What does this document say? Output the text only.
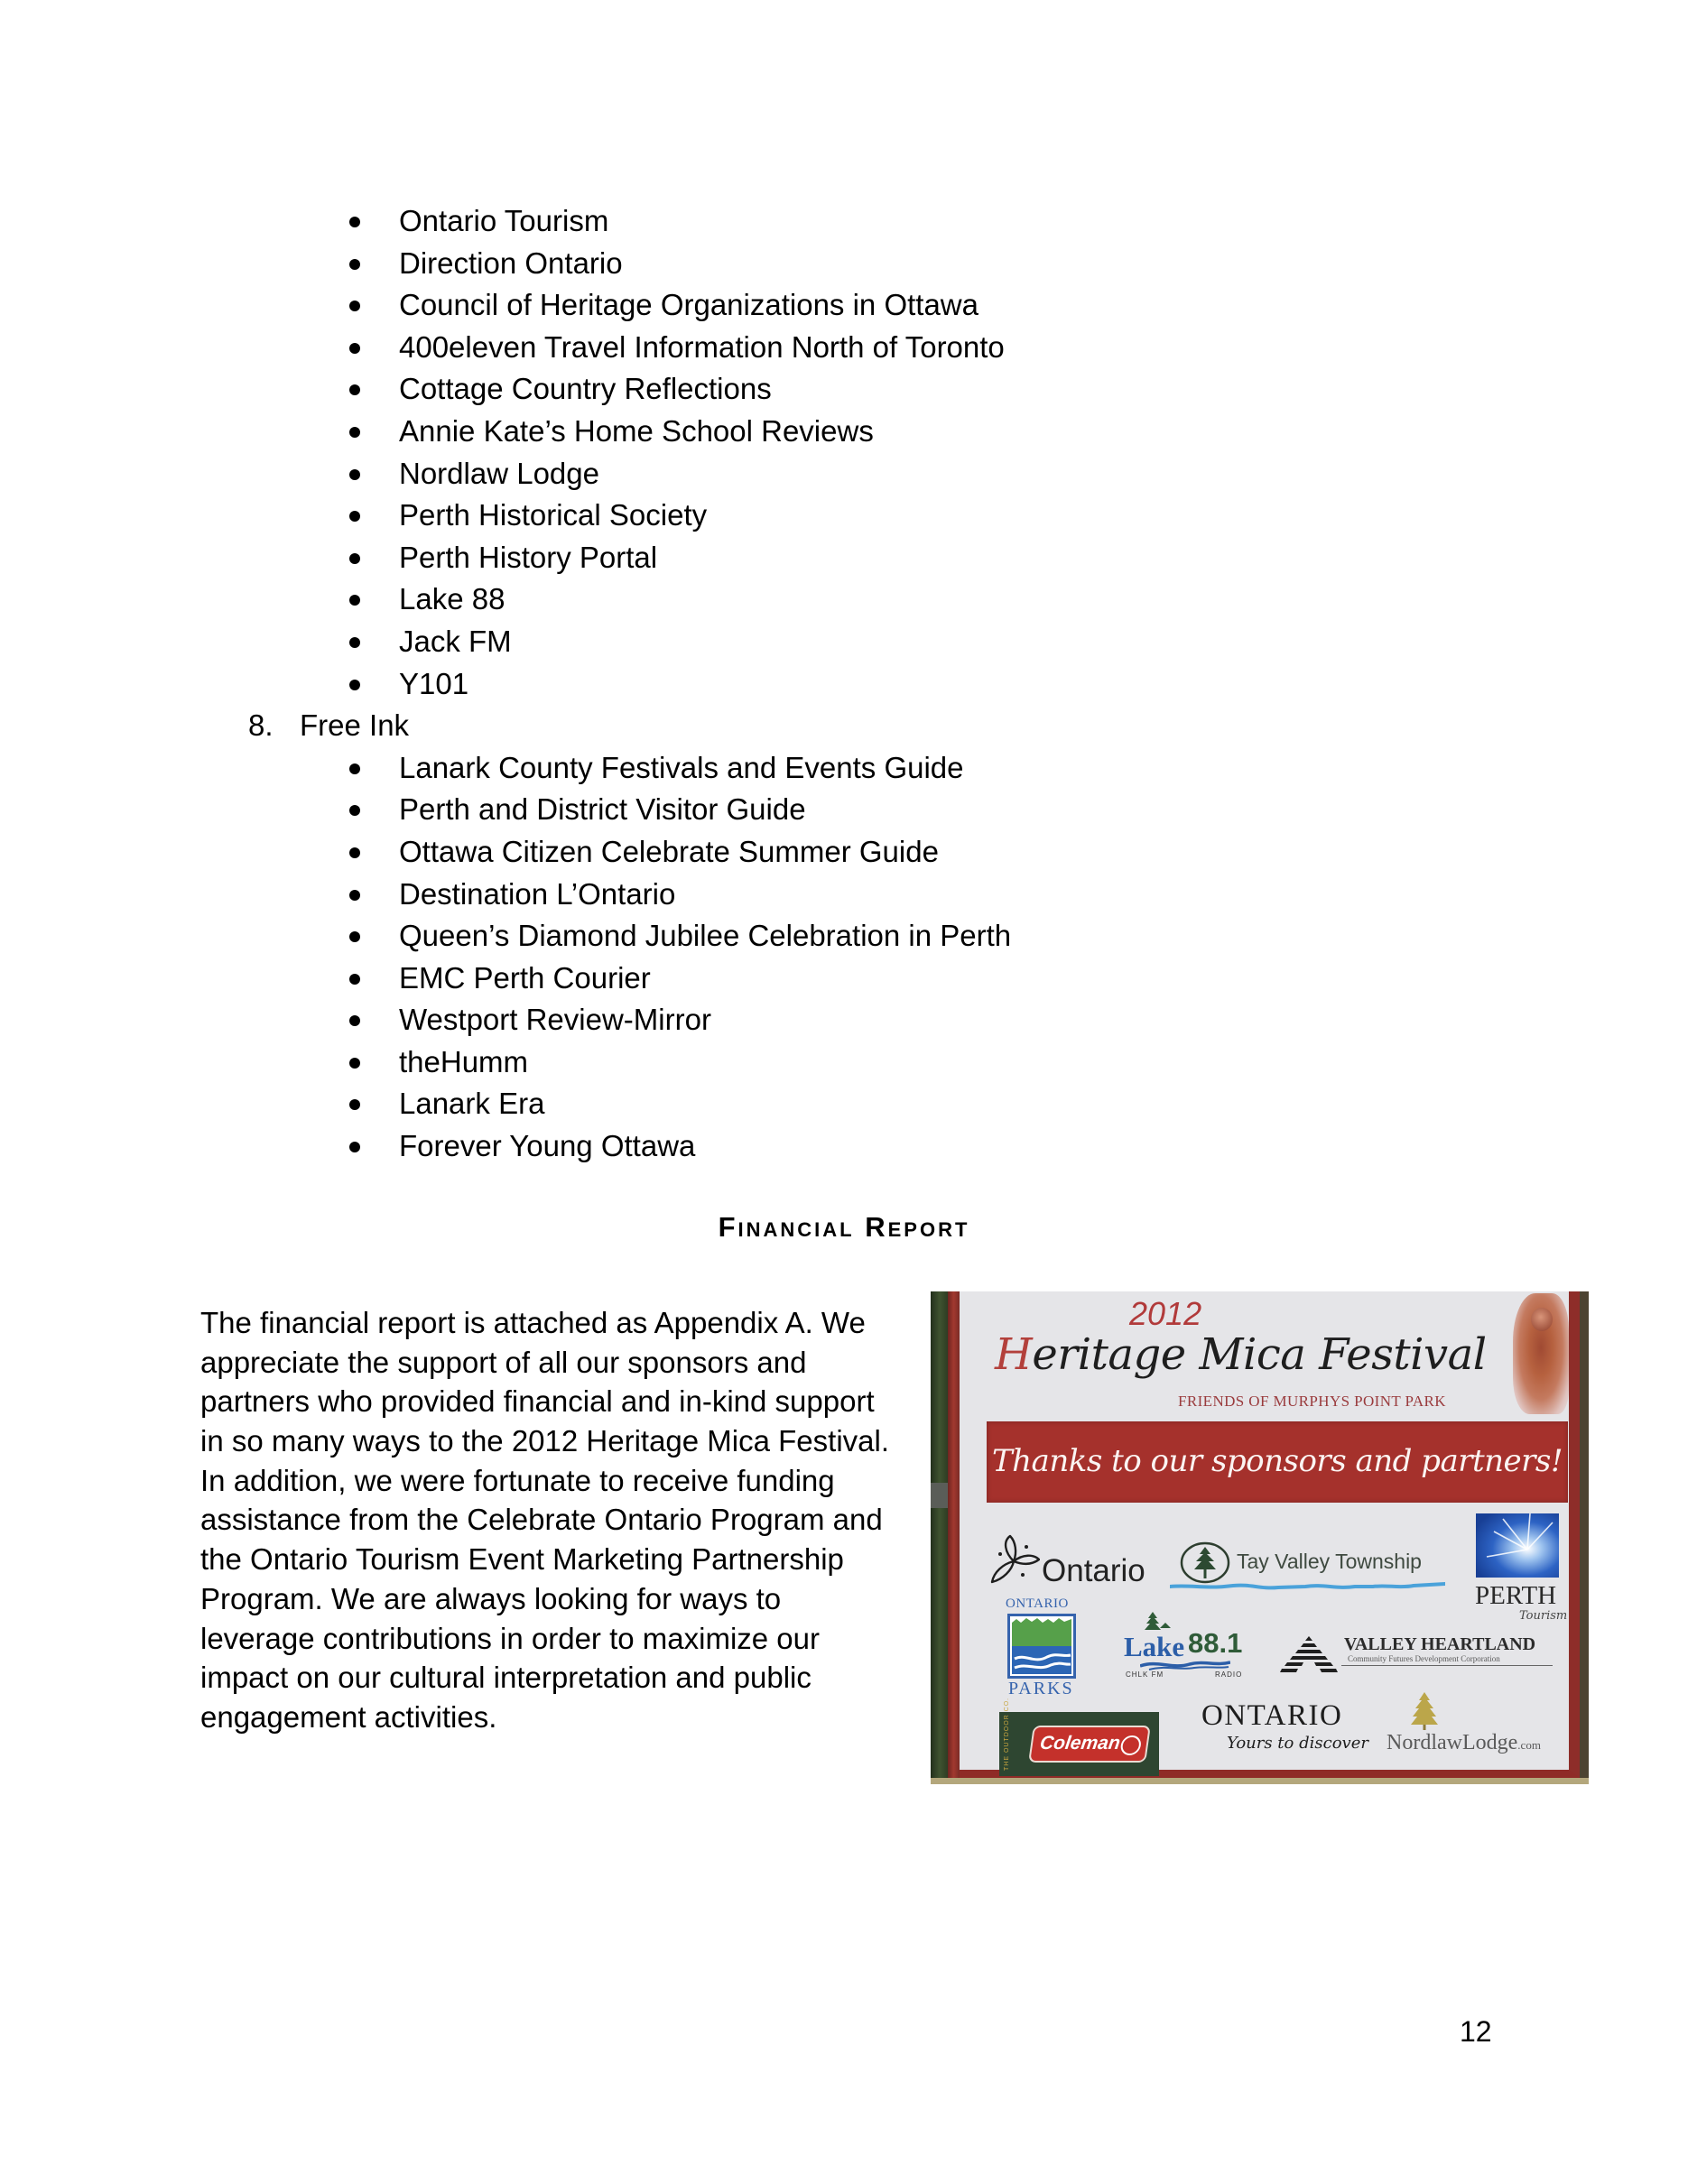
Ontario Tourism
Direction Ontario
Council of Heritage Organizations in Ottawa
400eleven Travel Information North of Toronto
Cottage Country Reflections
Annie Kate’s Home School Reviews
Nordlaw Lodge
Perth Historical Society
Perth History Portal
Lake 88
Jack FM
Y101
8. Free Ink
Lanark County Festivals and Events Guide
Perth and District Visitor Guide
Ottawa Citizen Celebrate Summer Guide
Destination L’Ontario
Queen’s Diamond Jubilee Celebration in Perth
EMC Perth Courier
Westport Review-Mirror
theHumm
Lanark Era
Forever Young Ottawa
Financial Report
The financial report is attached as Appendix A. We
appreciate the support of all our sponsors and
partners who provided financial and in-kind support
in so many ways to the 2012 Heritage Mica Festival.
In addition, we were fortunate to receive funding
assistance from the Celebrate Ontario Program and
the Ontario Tourism Event Marketing Partnership
Program. We are always looking for ways to
leverage contributions in order to maximize our
impact on our cultural interpretation and public
engagement activities.
2012
Heritage Mica Festival
FRIENDS OF MURPHYS POINT PARK
Thanks to our sponsors and partners!
Ontario	Tay Valley Township
PERTH
Tourism
ONTARIO
PARKS
Lake 88.1
CHLK FM	RADIO
VALLEY HEARTLAND
Community Futures Development Corporation
THE OUTDOOR CO. Coleman
ONTARIO
Yours to discover NordlawLodge.com
12
